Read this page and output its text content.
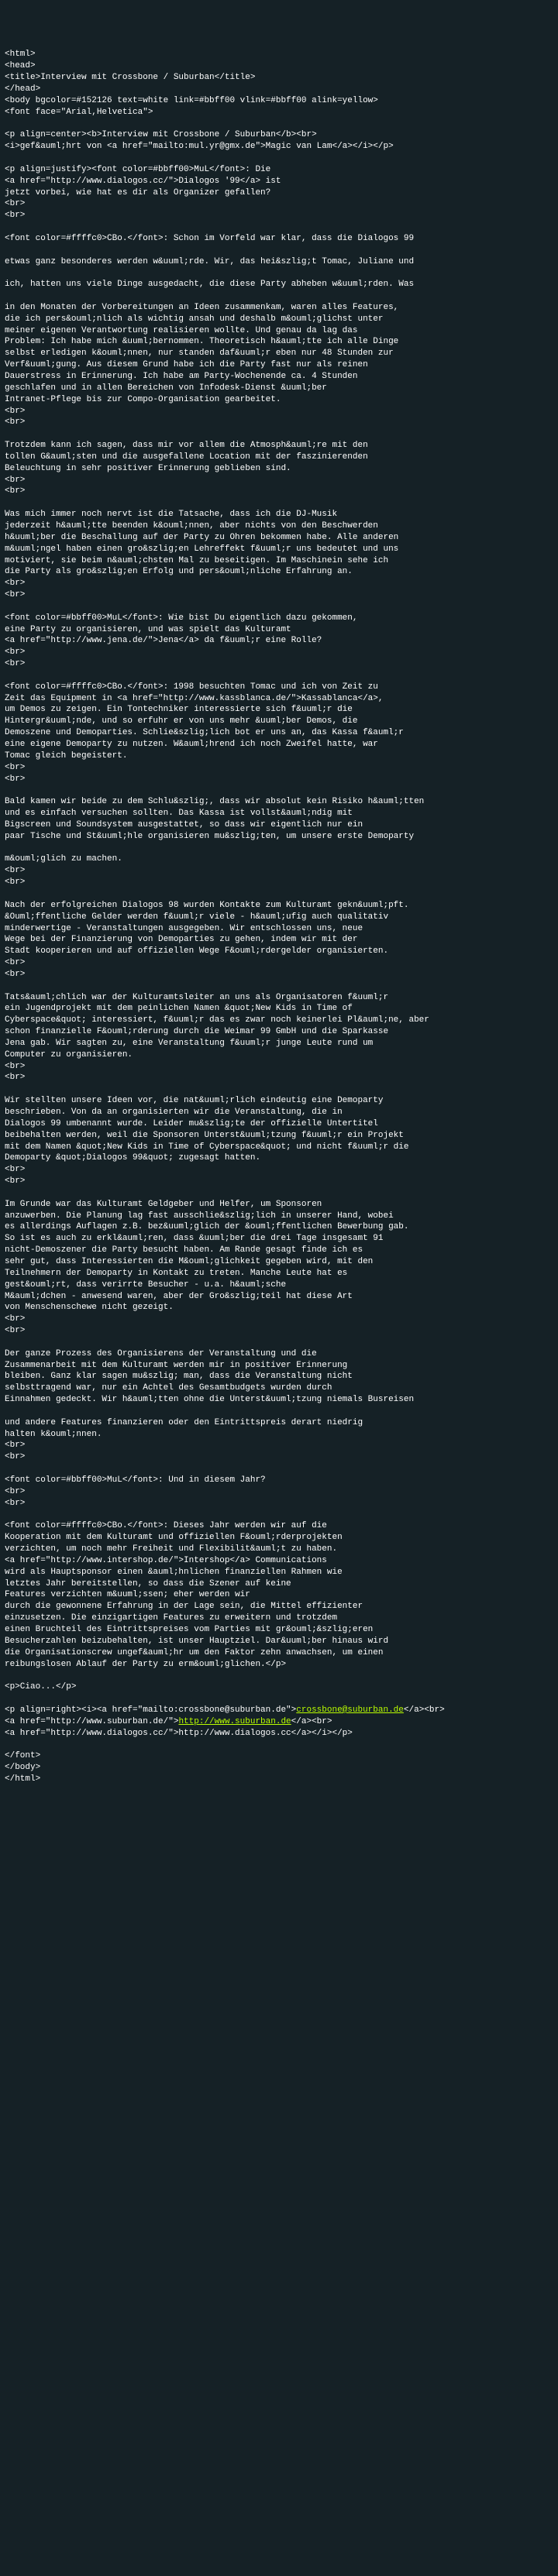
<html>
<head>
<title>Interview mit Crossbone / Suburban</title>
</head>
<body bgcolor=#152126 text=white link=#bbff00 vlink=#bbff00 alink=yellow>
<font face="Arial,Helvetica">

<p align=center><b>Interview mit Crossbone / Suburban</b><br>
<i>gef&auml;hrt von <a href="mailto:mul.yr@gmx.de">Magic van Lam</a></i></p>

<p align=justify><font color=#bbff00>MuL</font>: Die
<a href="http://www.dialogos.cc/">Dialogos '99</a> ist
jetzt vorbei, wie hat es dir als Organizer gefallen?
<br>
<br>

<font color=#ffffc0>CBo.</font>: Schon im Vorfeld war klar, dass die Dialogos 99

etwas ganz besonderes werden w&uuml;rde. Wir, das hei&szlig;t Tomac, Juliane und

ich, hatten uns viele Dinge ausgedacht, die diese Party abheben w&uuml;rden. Was

in den Monaten der Vorbereitungen an Ideen zusammenkam, waren alles Features,
die ich pers&ouml;nlich als wichtig ansah und deshalb m&ouml;glichst unter
meiner eigenen Verantwortung realisieren wollte. Und genau da lag das
Problem: Ich habe mich &uuml;bernommen. Theoretisch h&auml;tte ich alle Dinge
selbst erledigen k&ouml;nnen, nur standen daf&uuml;r eben nur 48 Stunden zur
Verf&uuml;gung. Aus diesem Grund habe ich die Party fast nur als reinen
Dauerstress in Erinnerung. Ich habe am Party-Wochenende ca. 4 Stunden
geschlafen und in allen Bereichen von Infodesk-Dienst &uuml;ber
Intranet-Pflege bis zur Compo-Organisation gearbeitet.
<br>
<br>

Trotzdem kann ich sagen, dass mir vor allem die Atmosph&auml;re mit den
tollen G&auml;sten und die ausgefallene Location mit der faszinierenden
Beleuchtung in sehr positiver Erinnerung geblieben sind.
<br>
<br>

Was mich immer noch nervt ist die Tatsache, dass ich die DJ-Musik
jederzeit h&auml;tte beenden k&ouml;nnen, aber nichts von den Beschwerden
h&uuml;ber die Beschallung auf der Party zu Ohren bekommen habe. Alle anderen
m&uuml;ngel haben einen gro&szlig;en Lehreffekt f&uuml;r uns bedeutet und uns
motiviert, sie beim n&auml;chsten Mal zu beseitigen. Im Maschinein sehe ich
die Party als gro&szlig;en Erfolg und pers&ouml;nliche Erfahrung an.
<br>
<br>

<font color=#bbff00>MuL</font>: Wie bist Du eigentlich dazu gekommen,
eine Party zu organisieren, und was spielt das Kulturamt
<a href="http://www.jena.de/">Jena</a> da f&uuml;r eine Rolle?
<br>
<br>

<font color=#ffffc0>CBo.</font>: 1998 besuchten Tomac und ich von Zeit zu
Zeit das Equipment in <a href="http://www.kassblanca.de/">Kassablanca</a>,
um Demos zu zeigen. Ein Tontechniker interessierte sich f&uuml;r die
Hintergr&uuml;nde, und so erfuhr er von uns mehr &uuml;ber Demos, die
Demoszene und Demoparties. Schlie&szlig;lich bot er uns an, das Kassa f&auml;r
eine eigene Demoparty zu nutzen. W&auml;hrend ich noch Zweifel hatte, war
Tomac gleich begeistert.
<br>
<br>

Bald kamen wir beide zu dem Schlu&szlig;, dass wir absolut kein Risiko h&auml;tten
und es einfach versuchen sollten. Das Kassa ist vollst&auml;ndig mit
Bigscreen und Soundsystem ausgestattet, so dass wir eigentlich nur ein
paar Tische und St&uuml;hle organisieren mu&szlig;ten, um unsere erste Demoparty

m&ouml;glich zu machen.
<br>
<br>

Nach der erfolgreichen Dialogos 98 wurden Kontakte zum Kulturamt gekn&uuml;pft.
&Ouml;ffentliche Gelder werden f&uuml;r viele - h&auml;ufig auch qualitativ
minderwertige - Veranstaltungen ausgegeben. Wir entschlossen uns, neue
Wege bei der Finanzierung von Demoparties zu gehen, indem wir mit der
Stadt kooperieren und auf offiziellen Wege F&ouml;rdergelder organisierten.
<br>
<br>

Tats&auml;chlich war der Kulturamtsleiter an uns als Organisatoren f&uuml;r
ein Jugendprojekt mit dem peinlichen Namen &quot;New Kids in Time of
Cyberspace&quot; interessiert, f&uuml;r das es zwar noch keinerlei Pl&auml;ne, aber
schon finanzielle F&ouml;rderung durch die Weimar 99 GmbH und die Sparkasse
Jena gab. Wir sagten zu, eine Veranstaltung f&uuml;r junge Leute rund um
Computer zu organisieren.
<br>
<br>

Wir stellten unsere Ideen vor, die nat&uuml;rlich eindeutig eine Demoparty
beschrieben. Von da an organisierten wir die Veranstaltung, die in
Dialogos 99 umbenannt wurde. Leider mu&szlig;te der offizielle Untertitel
beibehalten werden, weil die Sponsoren Unterst&uuml;tzung f&uuml;r ein Projekt
mit dem Namen &quot;New Kids in Time of Cyberspace&quot; und nicht f&uuml;r die
Demoparty &quot;Dialogos 99&quot; zugesagt hatten.
<br>
<br>

Im Grunde war das Kulturamt Geldgeber und Helfer, um Sponsoren
anzuwerben. Die Planung lag fast ausschlie&szlig;lich in unserer Hand, wobei
es allerdings Auflagen z.B. bez&uuml;glich der &ouml;ffentlichen Bewerbung gab.
So ist es auch zu erkl&auml;ren, dass &uuml;ber die drei Tage insgesamt 91
nicht-Demoszener die Party besucht haben. Am Rande gesagt finde ich es
sehr gut, dass Interessierten die M&ouml;glichkeit gegeben wird, mit den
Teilnehmern der Demoparty in Kontakt zu treten. Manche Leute hat es
gest&ouml;rt, dass verirrte Besucher - u.a. h&auml;sche
M&auml;dchen - anwesend waren, aber der Gro&szlig;teil hat diese Art
von Menschenschewe nicht gezeigt.
<br>
<br>

Der ganze Prozess des Organisierens der Veranstaltung und die
Zusammenarbeit mit dem Kulturamt werden mir in positiver Erinnerung
bleiben. Ganz klar sagen mu&szlig; man, dass die Veranstaltung nicht
selbsttragend war, nur ein Achtel des Gesamtbudgets wurden durch
Einnahmen gedeckt. Wir h&auml;tten ohne die Unterst&uuml;tzung niemals Busreisen

und andere Features finanzieren oder den Eintrittspreis derart niedrig
halten k&ouml;nnen.
<br>
<br>

<font color=#bbff00>MuL</font>: Und in diesem Jahr?
<br>
<br>

<font color=#ffffc0>CBo.</font>: Dieses Jahr werden wir auf die
Kooperation mit dem Kulturamt und offiziellen F&ouml;rderprojekten
verzichten, um noch mehr Freiheit und Flexibilit&auml;t zu haben.
<a href="http://www.intershop.de/">Intershop</a> Communications
wird als Hauptsponsor einen &auml;hnlichen finanziellen Rahmen wie
letztes Jahr bereitstellen, so dass die Szener auf keine
Features verzichten m&uuml;ssen; eher werden wir
durch die gewonnene Erfahrung in der Lage sein, die Mittel effizienter
einzusetzen. Die einzigartigen Features zu erweitern und trotzdem
einen Bruchteil des Eintrittspreises vom Parties mit gr&ouml;&szlig;eren
Besucherzahlen beizubehalten, ist unser Hauptziel. Dar&uuml;ber hinaus wird
die Organisationscrew ungef&auml;hr um den Faktor zehn anwachsen, um einen
reibungslosen Ablauf der Party zu erm&ouml;glichen.</p>

<p>Ciao...</p>

<p align=right><i><a href="mailto:crossbone@suburban.de">crossbone@suburban.de</a><br>
<a href="http://www.suburban.de/">http://www.suburban.de</a><br>
<a href="http://www.dialogos.cc/">http://www.dialogos.cc</a></i></p>

</font>
</body>
</html>
